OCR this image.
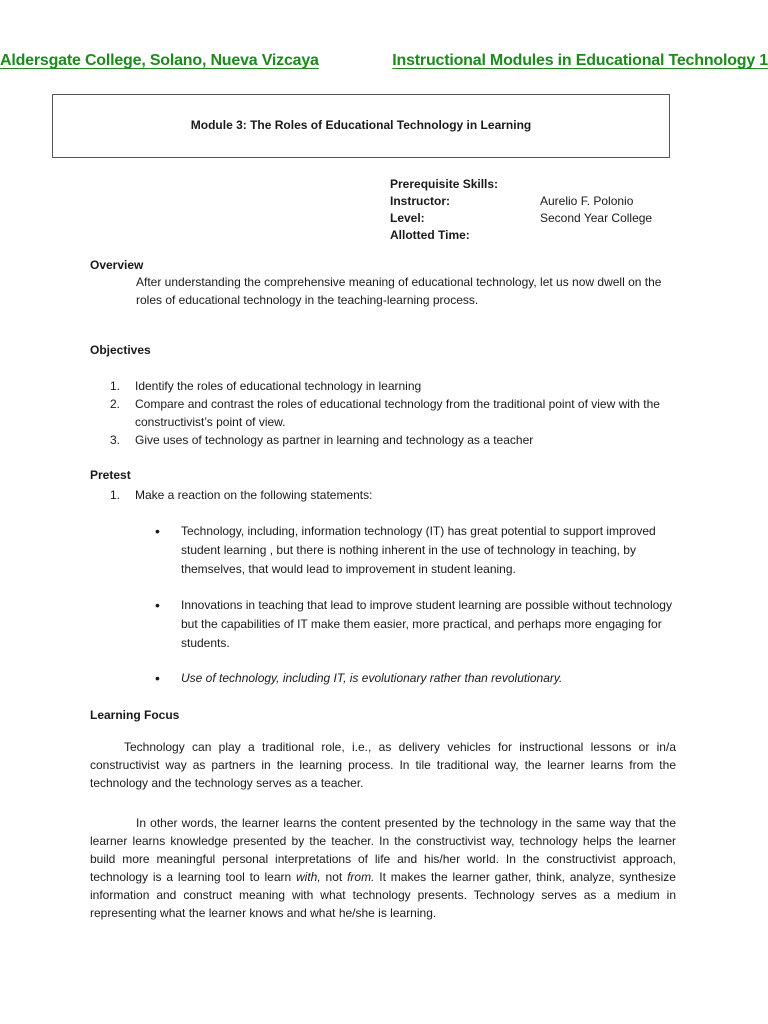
Aldersgate College, Solano, Nueva Vizcaya	Instructional Modules in Educational Technology 1
Module 3: The Roles of Educational Technology in Learning
Prerequisite Skills:
Instructor:	Aurelio F. Polonio
Level:	Second Year College
Allotted Time:
Overview
After understanding the comprehensive meaning of educational technology, let us now dwell on the
roles of educational technology in the teaching-learning process.
Objectives
1. Identify the roles of educational technology in learning
2. Compare and contrast the roles of educational technology from the traditional point of view with the constructivist’s point of view.
3. Give uses of technology as partner in learning and technology as a teacher
Pretest
1. Make a reaction on the following statements:
• Technology, including, information technology (IT) has great potential to support improved student learning , but there is nothing inherent in the use of technology in teaching, by themselves, that would lead to improvement in student leaning.
• Innovations in teaching that lead to improve student learning are possible without technology but the capabilities of IT make them easier, more practical, and perhaps more engaging for students.
• Use of technology, including IT, is evolutionary rather than revolutionary.
Learning Focus
Technology can play a traditional role, i.e., as delivery vehicles for instructional lessons or in/a constructivist way as partners in the learning process. In tile traditional way, the learner learns from the technology and the technology serves as a teacher.
In other words, the learner learns the content presented by the technology in the same way that the learner learns knowledge presented by the teacher. In the constructivist way, technology helps the learner build more meaningful personal interpretations of life and his/her world. In the constructivist approach, technology is a learning tool to learn with, not from. It makes the learner gather, think, analyze, synthesize information and construct meaning with what technology presents. Technology serves as a medium in representing what the learner knows and what he/she is learning.
